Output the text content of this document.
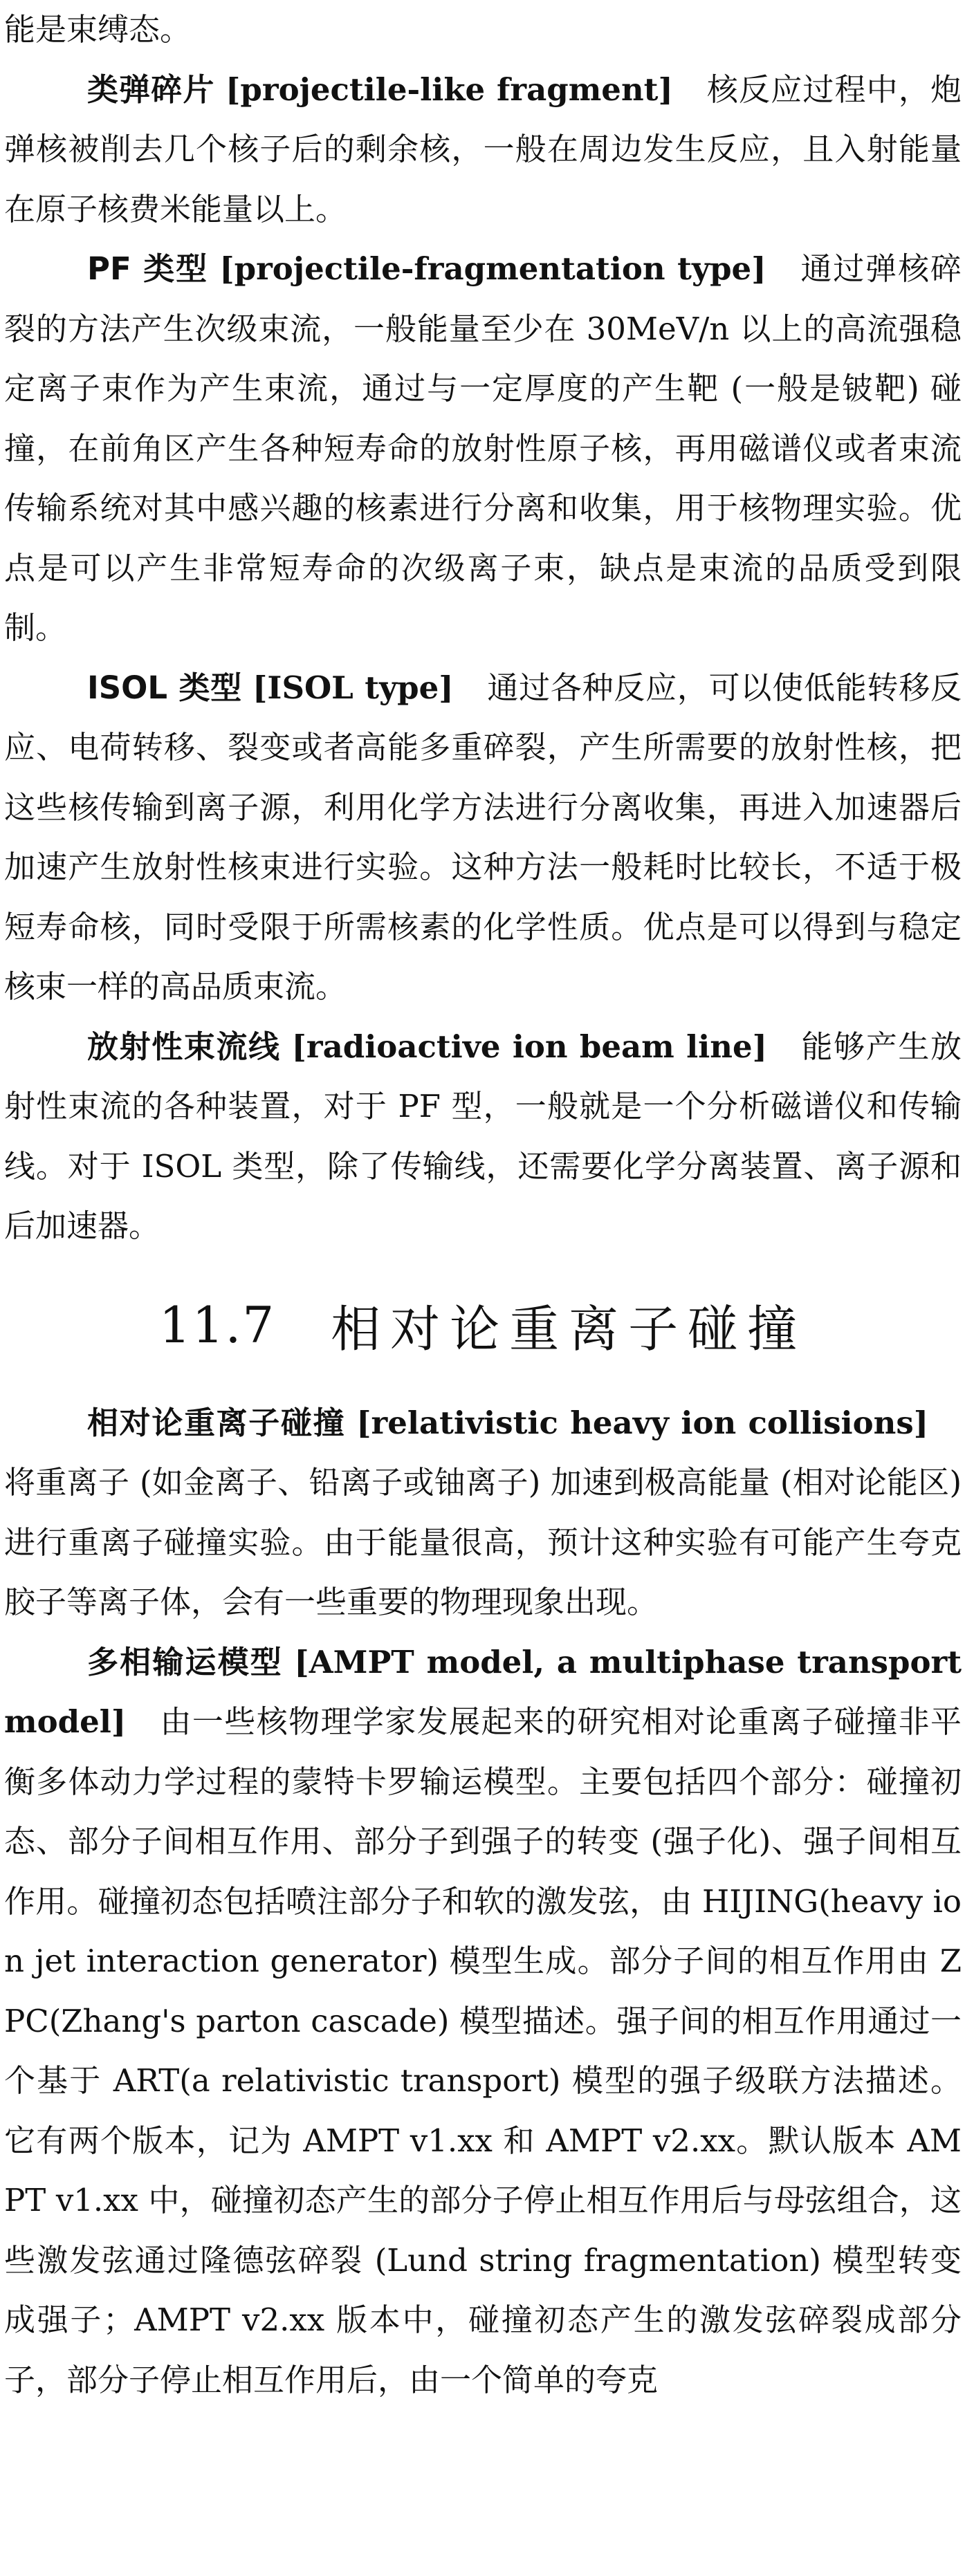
能是束缚态。

类弹碎片 [projectile-like fragment] 核反应过程中，炮弹核被削去几个核子后的剩余核，一般在周边发生反应，且入射能量在原子核费米能量以上。

PF 类型 [projectile-fragmentation type] 通过弹核碎裂的方法产生次级束流，一般能量至少在 30MeV/n 以上的高流强稳定离子束作为产生束流，通过与一定厚度的产生靶 (一般是铍靶) 碰撞，在前角区产生各种短寿命的放射性原子核，再用磁谱仪或者束流传输系统对其中感兴趣的核素进行分离和收集，用于核物理实验。优点是可以产生非常短寿命的次级离子束，缺点是束流的品质受到限制。

ISOL 类型 [ISOL type] 通过各种反应，可以使低能转移反应、电荷转移、裂变或者高能多重碎裂，产生所需要的放射性核，把这些核传输到离子源，利用化学方法进行分离收集，再进入加速器后加速产生放射性核束进行实验。这种方法一般耗时比较长，不适于极短寿命核，同时受限于所需核素的化学性质。优点是可以得到与稳定核束一样的高品质束流。

放射性束流线 [radioactive ion beam line] 能够产生放射性束流的各种装置，对于 PF 型，一般就是一个分析磁谱仪和传输线。对于 ISOL 类型，除了传输线，还需要化学分离装置、离子源和后加速器。

11.7 相对论重离子碰撞

相对论重离子碰撞 [relativistic heavy ion collisions]将重离子 (如金离子、铅离子或铀离子) 加速到极高能量 (相对论能区) 进行重离子碰撞实验。由于能量很高，预计这种实验有可能产生夸克胶子等离子体，会有一些重要的物理现象出现。

多相输运模型 [AMPT model, a multiphase transport model] 由一些核物理学家发展起来的研究相对论重离子碰撞非平衡多体动力学过程的蒙特卡罗输运模型。主要包括四个部分：碰撞初态、部分子间相互作用、部分子到强子的转变 (强子化)、强子间相互作用。碰撞初态包括喷注部分子和软的激发弦，由 HIJING(heavy ion jet interaction generator) 模型生成。部分子间的相互作用由 ZPC(Zhang's parton cascade) 模型描述。强子间的相互作用通过一个基于 ART(a relativistic transport) 模型的强子级联方法描述。它有两个版本，记为 AMPT v1.xx 和 AMPT v2.xx。默认版本 AMPT v1.xx 中，碰撞初态产生的部分子停止相互作用后与母弦组合，这些激发弦通过隆德弦碎裂 (Lund string fragmentation) 模型转变成强子；AMPT v2.xx 版本中，碰撞初态产生的激发弦碎裂成部分子，部分子停止相互作用后，由一个简单的夸克
